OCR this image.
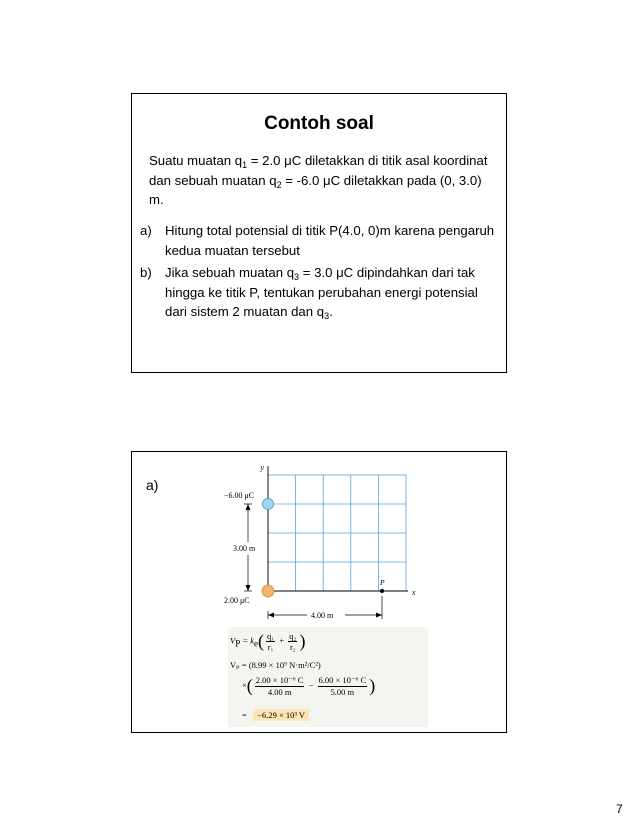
Contoh soal
Suatu muatan $q_1 = 2.0$ μC diletakkan di titik asal koordinat dan sebuah muatan $q_2 = -6.0$ μC diletakkan pada (0, 3.0) m.
a)	Hitung total potensial di titik P(4.0, 0)m karena pengaruh kedua muatan tersebut
b)	Jika sebuah muatan $q_3 = 3.0$ μC dipindahkan dari tak hingga ke titik P, tentukan perubahan energi potensial dari sistem 2 muatan dan $q_3$.
a)
y
x
P
−6.00 μC
2.00 μC
3.00 m
4.00 m
$V_P = k_e( \frac{\text{q₁}}{\text{r₁}} + \frac{\text{q₂}}{\text{r₂}}$ )
Vₚ = (8.99 × 10⁹ N·m²/C²)
×( $\frac{\text{2.00 × 10⁻⁶ C}}{4.00 m} - \frac{\text{6.00 × 10⁻⁶ C}}{5.00 m}$ )
= −6.29 × 10³ V
7
